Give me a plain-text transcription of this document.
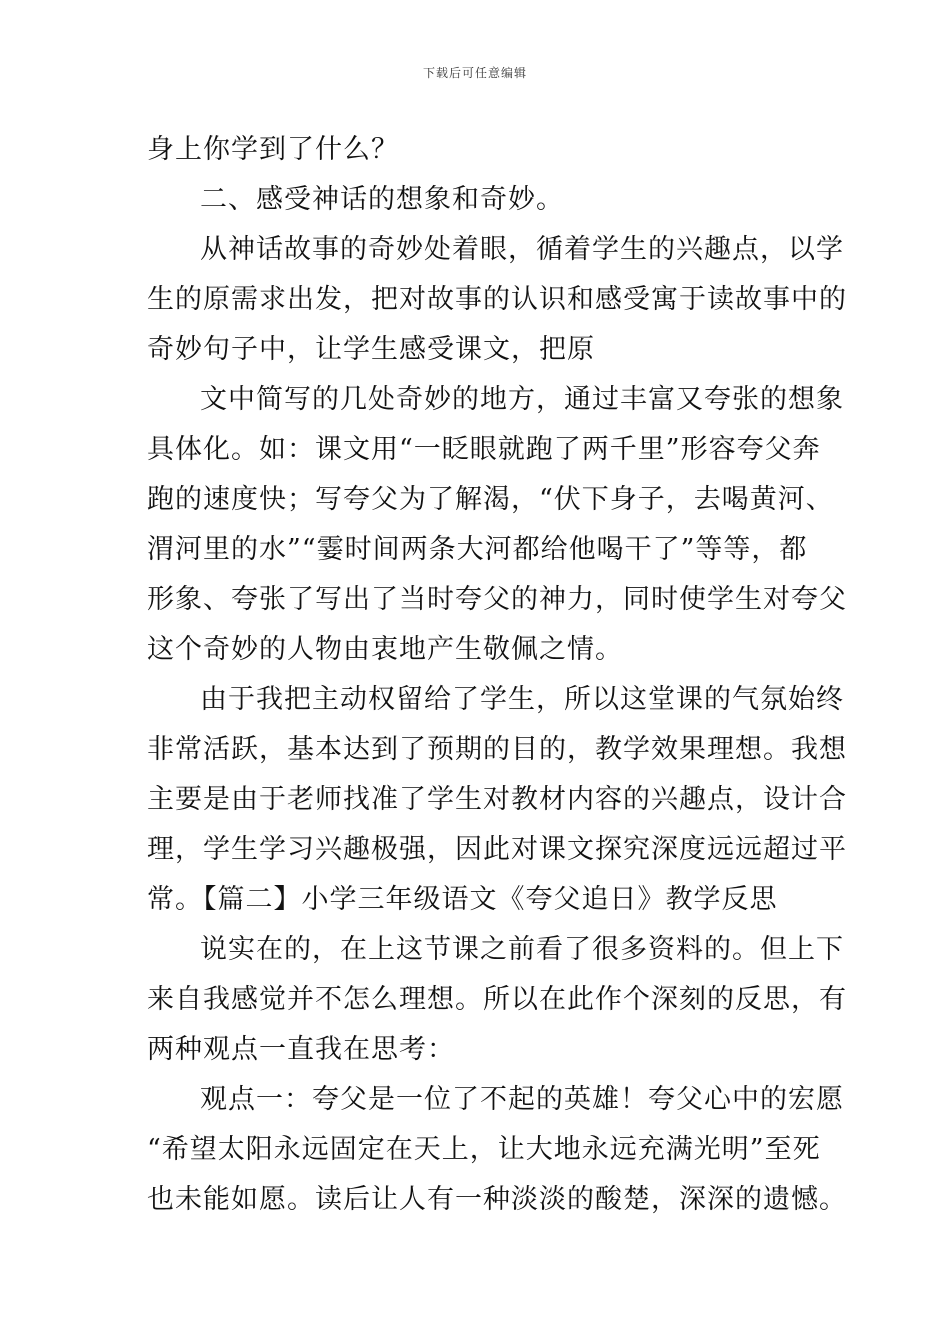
下载后可任意编辑
身上你学到了什么？
二、感受神话的想象和奇妙。
从神话故事的奇妙处着眼，循着学生的兴趣点，以学
生的原需求出发，把对故事的认识和感受寓于读故事中的
奇妙句子中，让学生感受课文，把原
文中简写的几处奇妙的地方，通过丰富又夸张的想象
具体化。如：课文用“一眨眼就跑了两千里”形容夸父奔
跑的速度快；写夸父为了解渴，“伏下身子，去喝黄河、
渭河里的水”“霎时间两条大河都给他喝干了”等等，都
形象、夸张了写出了当时夸父的神力，同时使学生对夸父
这个奇妙的人物由衷地产生敬佩之情。
由于我把主动权留给了学生，所以这堂课的气氛始终
非常活跃，基本达到了预期的目的，教学效果理想。我想
主要是由于老师找准了学生对教材内容的兴趣点，设计合
理，学生学习兴趣极强，因此对课文探究深度远远超过平
常。【篇二】小学三年级语文《夸父追日》教学反思
说实在的，在上这节课之前看了很多资料的。但上下
来自我感觉并不怎么理想。所以在此作个深刻的反思，有
两种观点一直我在思考：
观点一：夸父是一位了不起的英雄！夸父心中的宏愿
“希望太阳永远固定在天上，让大地永远充满光明”至死
也未能如愿。读后让人有一种淡淡的酸楚，深深的遗憾。
